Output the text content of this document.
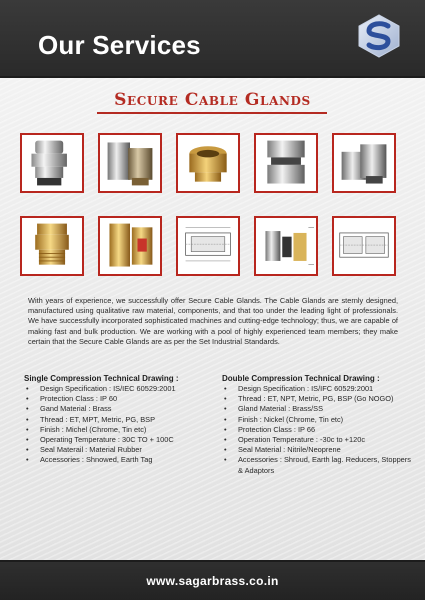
Our Services
Secure Cable Glands
With years of experience, we successfully offer Secure Cable Glands. The Cable Glands are sternly designed, manufactured using qualitative raw material, components, and that too under the leading light of professionals. We have successfully incorporated sophisticated machines and cutting-edge technology; thus, we are capable of making fast and bulk production. We are working with a pool of highly experienced team members; they make certain that the Secure Cable Glands are as per the Set Industrial Standards.
Single Compression Technical Drawing :
• Design Specification : IS/IEC 60529:2001
• Protection Class : IP 60
• Gand Material : Brass
• Thread : ET, MPT, Metric, PG, BSP
• Finish : Michel (Chrome, Tin etc)
• Operating Temperature : 30C TO + 100C
• Seal Materail : Material Rubber
• Accessories : Shnowed, Earth Tag
Double Compression Technical Drawing :
• Design Specification : IS/IFC 60529:2001
• Thread : ET, NPT, Metric, PG, BSP (Go NOGO)
• Gland Material : Brass/SS
• Finish : Nickel (Chrome, Tin etc)
• Protection Class : IP 66
• Operation Temperature : -30c to +120c
• Seal Material : Nitrile/Neoprene
• Accessories : Shroud, Earth lag. Reducers, Stoppers & Adaptors
www.sagarbrass.co.in
